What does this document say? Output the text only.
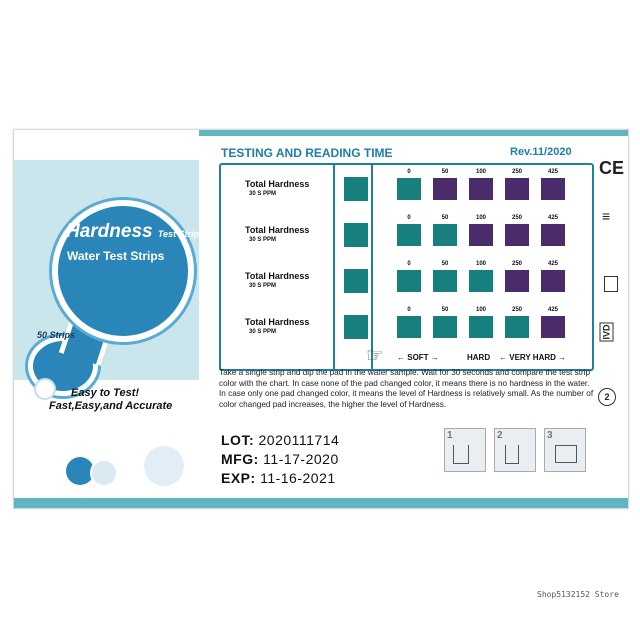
Hardness Test Strip
Water Test Strips
50 Strips
Easy to Test!
Fast,Easy,and Accurate
TESTING AND READING TIME	Rev.11/2020
Total Hardness
30 S PPM
0	50	100	250	425
Total Hardness
30 S PPM
0	50	100	250	425
Total Hardness
30 S PPM
0	50	100	250	425
Total Hardness
30 S PPM
0	50	100	250	425
← SOFT →	HARD ← VERY HARD →
☞
Take a single strip and dip the pad in the water sample. Wait for 30 seconds and compare the test strip color with the chart. In case none of the pad changed color, it means there is no hardness in the water. In case only one pad changed color, it means the level of Hardness is relatively small. As the number of color changed pad increases, the higher the level of Hardness.
LOT: 2020111714
MFG: 11-17-2020
EXP: 11-16-2021
1	2	3
CE
≡
IVD
2
Shop5132152 Store
